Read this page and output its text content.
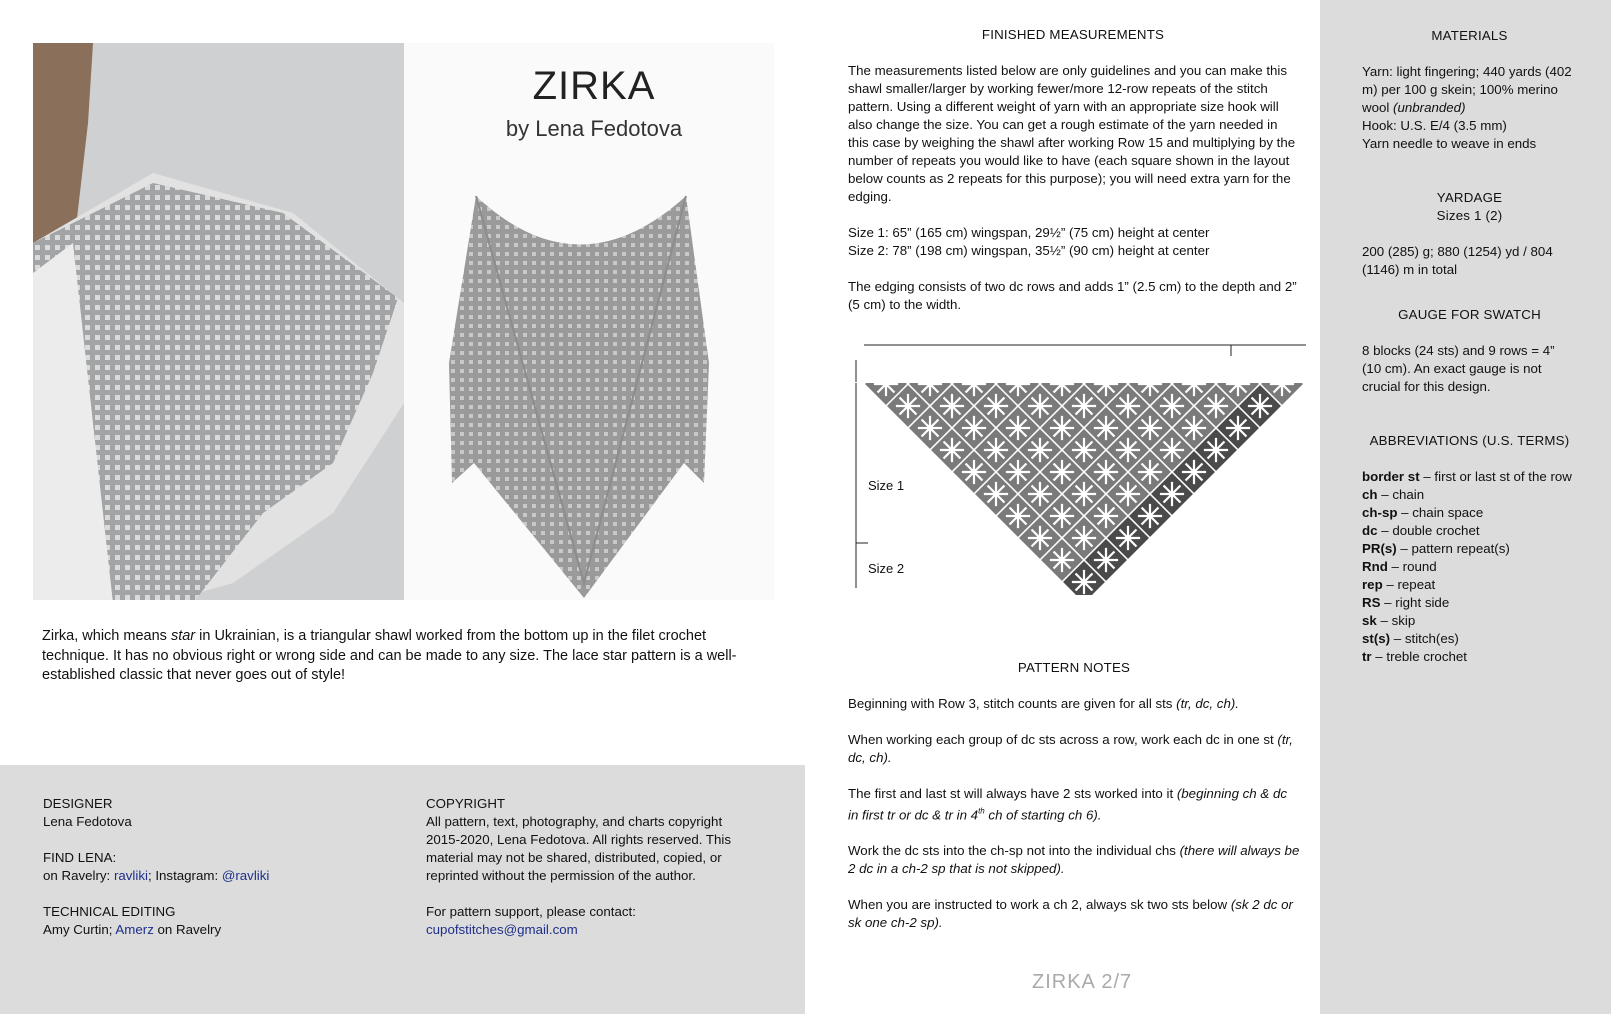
ZIRKA
by Lena Fedotova

Zirka, which means star in Ukrainian, is a triangular shawl worked from the bottom up in the filet crochet technique. It has no obvious right or wrong side and can be made to any size. The lace star pattern is a well-established classic that never goes out of style!

DESIGNER
Lena Fedotova
FIND LENA:
on Ravelry: ravliki; Instagram: @ravliki
TECHNICAL EDITING
Amy Curtin; Amerz on Ravelry
COPYRIGHT
All pattern, text, photography, and charts copyright 2015-2020, Lena Fedotova. All rights reserved. This material may not be shared, distributed, copied, or reprinted without the permission of the author.
For pattern support, please contact:
cupofstitches@gmail.com

FINISHED MEASUREMENTS

The measurements listed below are only guidelines and you can make this shawl smaller/larger by working fewer/more 12-row repeats of the stitch pattern. Using a different weight of yarn with an appropriate size hook will also change the size. You can get a rough estimate of the yarn needed in this case by weighing the shawl after working Row 15 and multiplying by the number of repeats you would like to have (each square shown in the layout below counts as 2 repeats for this purpose); you will need extra yarn for the edging.

Size 1: 65” (165 cm) wingspan, 29½” (75 cm) height at center

Size 2: 78” (198 cm) wingspan, 35½” (90 cm) height at center

The edging consists of two dc rows and adds 1” (2.5 cm) to the depth and 2” (5 cm) to the width.

Size 1
Size 2

PATTERN NOTES

Beginning with Row 3, stitch counts are given for all sts (tr, dc, ch).

When working each group of dc sts across a row, work each dc in one st (tr, dc, ch).

The first and last st will always have 2 sts worked into it (beginning ch & dc in first tr or dc & tr in 4th ch of starting ch 6).

Work the dc sts into the ch-sp not into the individual chs (there will always be 2 dc in a ch-2 sp that is not skipped).

When you are instructed to work a ch 2, always sk two sts below (sk 2 dc or sk one ch-2 sp).

ZIRKA 2/7

MATERIALS

Yarn: light fingering; 440 yards (402 m) per 100 g skein; 100% merino wool (unbranded)

Hook: U.S. E/4 (3.5 mm)

Yarn needle to weave in ends

YARDAGE

Sizes 1 (2)

200 (285) g; 880 (1254) yd / 804 (1146) m in total

GAUGE FOR SWATCH

8 blocks (24 sts) and 9 rows = 4” (10 cm). An exact gauge is not crucial for this design.

ABBREVIATIONS (U.S. TERMS)

border st – first or last st of the row
ch – chain
ch-sp – chain space
dc – double crochet
PR(s) – pattern repeat(s)
Rnd – round
rep – repeat
RS – right side
sk – skip
st(s) – stitch(es)
tr – treble crochet
